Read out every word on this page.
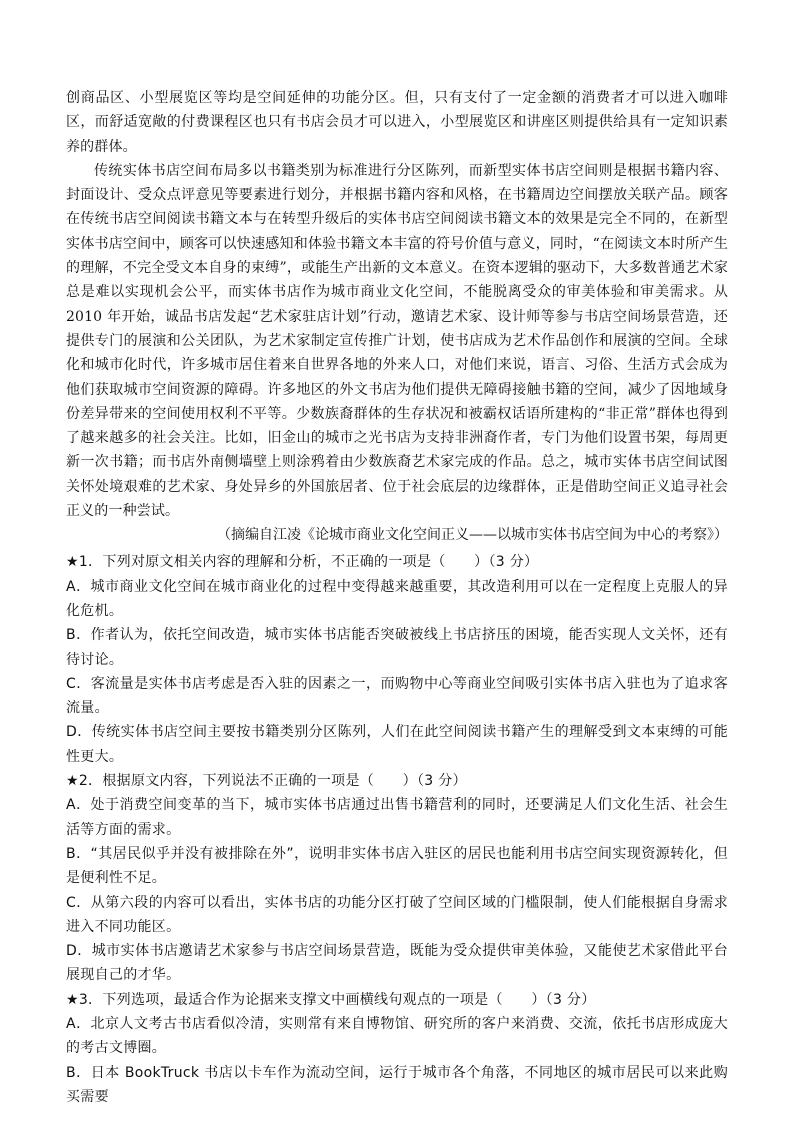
创商品区、小型展览区等均是空间延伸的功能分区。但，只有支付了一定金额的消费者才可以进入咖啡区，而舒适宽敞的付费课程区也只有书店会员才可以进入，小型展览区和讲座区则提供给具有一定知识素养的群体。

传统实体书店空间布局多以书籍类别为标准进行分区陈列，而新型实体书店空间则是根据书籍内容、封面设计、受众点评意见等要素进行划分，并根据书籍内容和风格，在书籍周边空间摆放关联产品。顾客在传统书店空间阅读书籍文本与在转型升级后的实体书店空间阅读书籍文本的效果是完全不同的，在新型实体书店空间中，顾客可以快速感知和体验书籍文本丰富的符号价值与意义，同时，“在阅读文本时所产生的理解，不完全受文本自身的束缚”，或能生产出新的文本意义。在资本逻辑的驱动下，大多数普通艺术家总是难以实现机会公平，而实体书店作为城市商业文化空间，不能脱离受众的审美体验和审美需求。从 2010 年开始，诚品书店发起“艺术家驻店计划”行动，邀请艺术家、设计师等参与书店空间场景营造，还提供专门的展演和公关团队，为艺术家制定宣传推广计划，使书店成为艺术作品创作和展演的空间。全球化和城市化时代，许多城市居住着来自世界各地的外来人口，对他们来说，语言、习俗、生活方式会成为他们获取城市空间资源的障碍。许多地区的外文书店为他们提供无障碍接触书籍的空间，减少了因地域身份差异带来的空间使用权利不平等。少数族裔群体的生存状况和被霸权话语所建构的“非正常”群体也得到了越来越多的社会关注。比如，旧金山的城市之光书店为支持非洲裔作者，专门为他们设置书架，每周更新一次书籍；而书店外南侧墙壁上则涂鸦着由少数族裔艺术家完成的作品。总之，城市实体书店空间试图关怀处境艰难的艺术家、身处异乡的外国旅居者、位于社会底层的边缘群体，正是借助空间正义追寻社会正义的一种尝试。

（摘编自江凌《论城市商业文化空间正义——以城市实体书店空间为中心的考察》）

★1．下列对原文相关内容的理解和分析，不正确的一项是（　　）（3 分）

A．城市商业文化空间在城市商业化的过程中变得越来越重要，其改造利用可以在一定程度上克服人的异化危机。

B．作者认为，依托空间改造，城市实体书店能否突破被线上书店挤压的困境，能否实现人文关怀，还有待讨论。

C．客流量是实体书店考虑是否入驻的因素之一，而购物中心等商业空间吸引实体书店入驻也为了追求客流量。

D．传统实体书店空间主要按书籍类别分区陈列，人们在此空间阅读书籍产生的理解受到文本束缚的可能性更大。

★2．根据原文内容，下列说法不正确的一项是（　　）（3 分）

A．处于消费空间变革的当下，城市实体书店通过出售书籍营利的同时，还要满足人们文化生活、社会生活等方面的需求。

B．“其居民似乎并没有被排除在外”，说明非实体书店入驻区的居民也能利用书店空间实现资源转化，但是便利性不足。

C．从第六段的内容可以看出，实体书店的功能分区打破了空间区域的门槛限制，使人们能根据自身需求进入不同功能区。

D．城市实体书店邀请艺术家参与书店空间场景营造，既能为受众提供审美体验，又能使艺术家借此平台展现自己的才华。

★3．下列选项，最适合作为论据来支撑文中画横线句观点的一项是（　　）（3 分）

A．北京人文考古书店看似冷清，实则常有来自博物馆、研究所的客户来消费、交流，依托书店形成庞大的考古文博圈。

B．日本 BookTruck 书店以卡车作为流动空间，运行于城市各个角落，不同地区的城市居民可以来此购买需要
